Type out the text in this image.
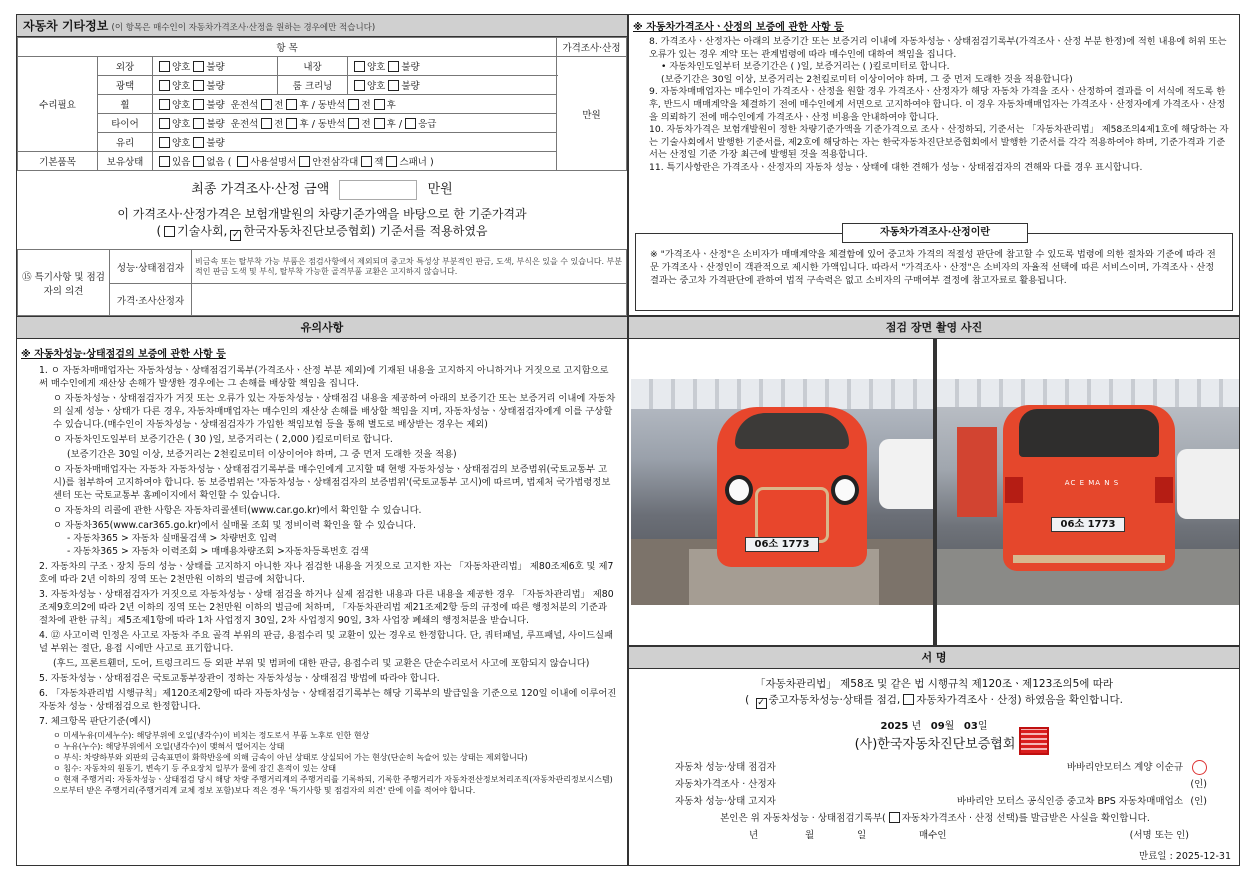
자동차 기타정보 (이 항목은 매수인이 자동차가격조사·산정을 원하는 경우에만 적습니다)
항 목					가격조사·산정
수리필요	외장	양호 불량	내장	양호 불량	만원
	광택	양호 불량	룸 크리닝	양호 불량	
	휠	양호 불량 운전석 전 후 / 동반석 전 후			
	타이어	양호 불량 운전석 전 후 / 동반석 전 후 / 응급			
	유리	양호 불량			
기본품목	보유상태	있음 없음 ( 사용설명서 안전삼각대 잭 스패너 )			
최종 가격조사·산정 금액	만원
이 가격조사·산정가격은 보험개발원의 차량기준가액을 바탕으로 한 기준가격과
( 기술사회, ✓ 한국자동차진단보증협회) 기준서를 적용하였음
⑮ 특기사항 및 점검자의 의견	성능·상태점검자	비금속 또는 탈부착 가능 부품은 점검사항에서 제외되며 중고차 특성상 부분적인 판금, 도색, 부식은 있을 수 있습니다. 부분적인 판금 도색 및 부식, 탈부착 가능한 골격부품 교환은 고지하지 않습니다.
	가격·조사산정자	
※ 자동차가격조사ㆍ산정의 보증에 관한 사항 등

8. 가격조사ㆍ산정자는 아래의 보증기간 또는 보증거리 이내에 자동차성능ㆍ상태점검기록부(가격조사ㆍ산정 부분 한정)에 적힌 내용에 허위 또는 오류가 있는 경우 계약 또는 관계법령에 따라 매수인에 대하여 책임을 집니다.

• 자동차인도일부터 보증기간은 ( )일, 보증거리는 ( )킬로미터로 합니다.

(보증기간은 30일 이상, 보증거리는 2천킬로미터 이상이어야 하며, 그 중 먼저 도래한 것을 적용합니다)

9. 자동차매매업자는 매수인이 가격조사ㆍ산정을 원할 경우 가격조사ㆍ산정자가 해당 자동차 가격을 조사ㆍ산정하여 결과를 이 서식에 적도록 한 후, 반드시 매매계약을 체결하기 전에 매수인에게 서면으로 고지하여야 합니다. 이 경우 자동차매매업자는 가격조사ㆍ산정자에게 가격조사ㆍ산정을 의뢰하기 전에 매수인에게 가격조사ㆍ산정 비용을 안내하여야 합니다.

10. 자동차가격은 보험개발원이 정한 차량기준가액을 기준가격으로 조사ㆍ산정하되, 기준서는 「자동차관리법」 제58조의4제1호에 해당하는 자는 기술사회에서 발행한 기준서를, 제2호에 해당하는 자는 한국자동차진단보증협회에서 발행한 기준서를 각각 적용하여야 하며, 기준가격과 기준서는 산정일 기준 가장 최근에 발행된 것을 적용합니다.

11. 특기사항란은 가격조사ㆍ산정자의 자동차 성능ㆍ상태에 대한 견해가 성능ㆍ상태점검자의 견해와 다를 경우 표시합니다.

자동차가격조사·산정이란
※ "가격조사ㆍ산정"은 소비자가 매매계약을 체결함에 있어 중고차 가격의 적절성 판단에 참고할 수 있도록 법령에 의한 절차와 기준에 따라 전문 가격조사ㆍ산정인이 객관적으로 제시한 가액입니다. 따라서 "가격조사ㆍ산정"은 소비자의 자율적 선택에 따른 서비스이며, 가격조사ㆍ산정 결과는 중고차 가격판단에 관하여 법적 구속력은 없고 소비자의 구매여부 결정에 참고자료로 활용됩니다.
유의사항
※ 자동차성능·상태점검의 보증에 관한 사항 등

1. ㅇ 자동차매매업자는 자동차성능ㆍ상태점검기록부(가격조사ㆍ산정 부분 제외)에 기재된 내용을 고지하지 아니하거나 거짓으로 고지함으로써 매수인에게 재산상 손해가 발생한 경우에는 그 손해를 배상할 책임을 집니다.

ㅇ 자동차성능ㆍ상태점검자가 거짓 또는 오류가 있는 자동차성능ㆍ상태점검 내용을 제공하여 아래의 보증기간 또는 보증거리 이내에 자동차의 실제 성능ㆍ상태가 다른 경우, 자동차매매업자는 매수인의 재산상 손해를 배상할 책임을 지며, 자동차성능ㆍ상태점검자에게 이를 구상할 수 있습니다.(매수인이 자동차성능ㆍ상태점검자가 가입한 책임보험 등을 통해 별도로 배상받는 경우는 제외)

ㅇ 자동차인도일부터 보증기간은 ( 30 )일, 보증거리는 ( 2,000 )킬로미터로 합니다.

(보증기간은 30일 이상, 보증거리는 2천킬로미터 이상이어야 하며, 그 중 먼저 도래한 것을 적용)

ㅇ 자동차매매업자는 자동차 자동차성능ㆍ상태점검기록부를 매수인에게 고지할 때 현행 자동차성능ㆍ상태점검의 보증범위(국토교통부 고시)를 첨부하여 고지하여야 합니다. 동 보증범위는 '자동차성능ㆍ상태점검자의 보증범위'(국토교통부 고시)에 따르며, 법제처 국가법령정보센터 또는 국토교통부 홈페이지에서 확인할 수 있습니다.

ㅇ 자동차의 리콜에 관한 사항은 자동차리콜센터(www.car.go.kr)에서 확인할 수 있습니다.

ㅇ 자동차365(www.car365.go.kr)에서 실매물 조회 및 정비이력 확인을 할 수 있습니다.

- 자동차365 > 자동차 실매물검색 > 차량번호 입력

- 자동차365 > 자동차 이력조회 > 매매용차량조회 >자동차등록번호 검색

2. 자동차의 구조ㆍ장치 등의 성능ㆍ상태를 고지하지 아니한 자나 점검한 내용을 거짓으로 고지한 자는 「자동차관리법」 제80조제6호 및 제7호에 따라 2년 이하의 징역 또는 2천만원 이하의 벌금에 처합니다.

3. 자동차성능ㆍ상태점검자가 거짓으로 자동차성능ㆍ상태 점검을 하거나 실제 점검한 내용과 다른 내용을 제공한 경우 「자동차관리법」 제80조제9호의2에 따라 2년 이하의 징역 또는 2천만원 이하의 벌금에 처하며, 「자동차관리법 제21조제2항 등의 규정에 따른 행정처분의 기준과 절차에 관한 규칙」제5조제1항에 따라 1차 사업정지 30일, 2차 사업정지 90일, 3차 사업장 폐쇄의 행정처분을 받습니다.

4. ⑫ 사고이력 인정은 사고로 자동차 주요 골격 부위의 판금, 용접수리 및 교환이 있는 경우로 한정합니다. 단, 쿼터패널, 루프패널, 사이드실패널 부위는 절단, 용접 시에만 사고로 표기합니다.

(후드, 프론트휀더, 도어, 트렁크리드 등 외판 부위 및 범퍼에 대한 판금, 용접수리 및 교환은 단순수리로서 사고에 포함되지 않습니다)

5. 자동차성능ㆍ상태점검은 국토교통부장관이 정하는 자동차성능ㆍ상태점검 방법에 따라야 합니다.

6. 「자동차관리법 시행규칙」제120조제2항에 따라 자동차성능ㆍ상태점검기록부는 해당 기록부의 발급일을 기준으로 120일 이내에 이루어진 자동차 성능ㆍ상태점검으로 한정합니다.

7. 체크항목 판단기준(예시)

ㅇ 미세누유(미세누수): 해당부위에 오일(냉각수)이 비치는 정도로서 부품 노후로 인한 현상

ㅇ 누유(누수): 해당부위에서 오일(냉각수)이 맺혀서 떨어지는 상태

ㅇ 부식: 차량하부와 외판의 금속표면이 화학반응에 의해 금속이 아닌 상태로 상실되어 가는 현상(단순히 녹슬어 있는 상태는 제외합니다)

ㅇ 침수: 자동차의 원동기, 변속기 등 주요장치 일부가 물에 잠긴 흔적이 있는 상태

ㅇ 현재 주행거리: 자동차성능ㆍ상태점검 당시 해당 차량 주행거리계의 주행거리를 기록하되, 기록한 주행거리가 자동차전산정보처리조직(자동차관리정보시스템)으로부터 받은 주행거리(주행거리계 교체 정보 포함)보다 적은 경우 '특기사항 및 점검자의 의견' 란에 이를 적어야 합니다.

점검 장면 촬영 사진
06소 1773
AC E MA N S
06소 1773
서 명
「자동차관리법」 제58조 및 같은 법 시행규칙 제120조ㆍ제123조의5에 따라
( ✓ 중고자동차성능·상태를 점검, 자동차가격조사 · 산정) 하였음을 확인합니다.
2025 년 09월 03일
(사)한국자동차진단보증협회
자동차 성능·상태 점검자	바바리안모터스 계양 이순규
자동차가격조사 · 산정자	(인)
자동차 성능·상태 고지자	바바리안 모터스 공식인증 중고차 BPS 자동차매매업소 (인)
본인은 위 자동차성능 · 상태점검기록부( 자동차가격조사 · 산정 선택)를 발급받은 사실을 확인합니다.
년	월	일	매수인	(서명 또는 인)
만료일 : 2025-12-31
